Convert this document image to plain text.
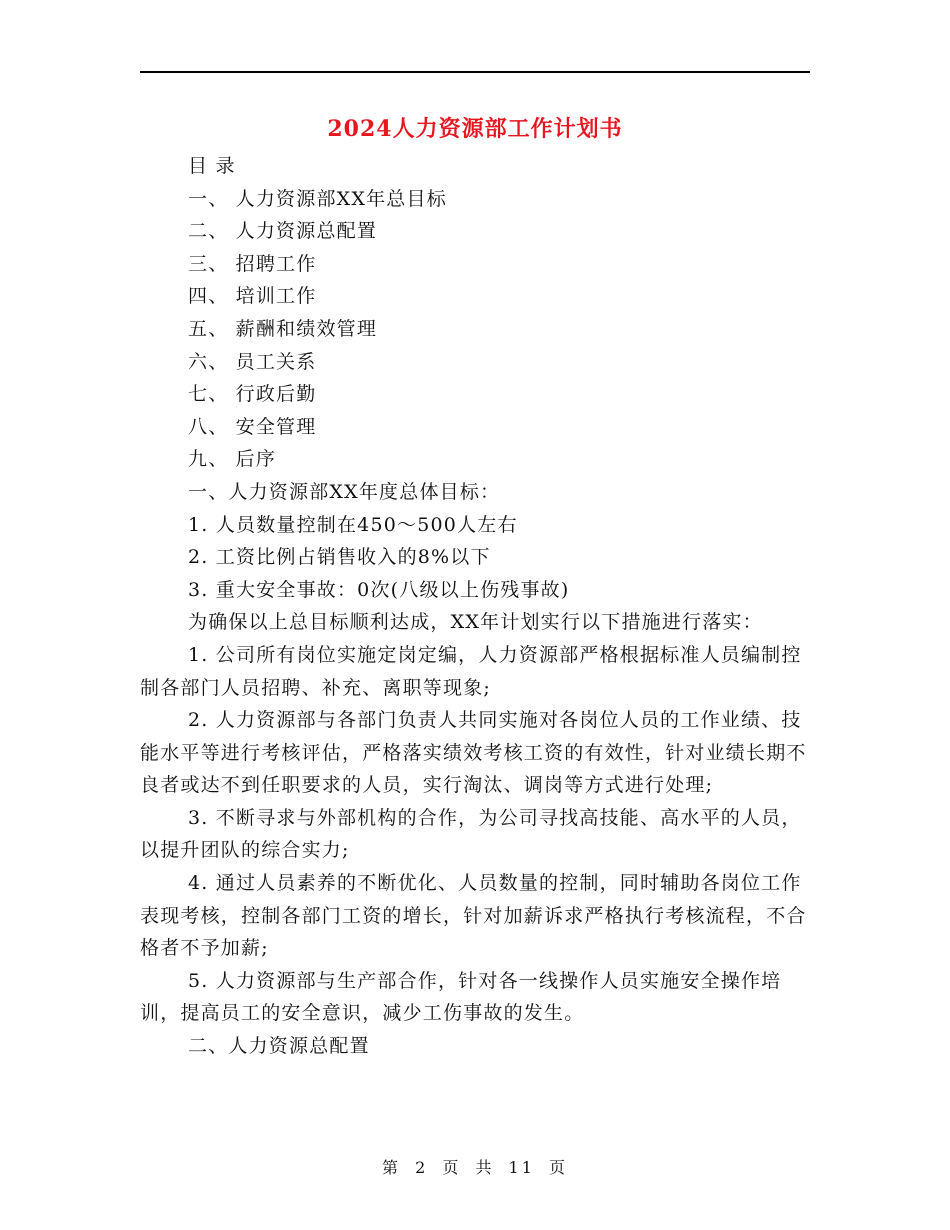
2024人力资源部工作计划书
目 录
一、 人力资源部XX年总目标
二、 人力资源总配置
三、 招聘工作
四、 培训工作
五、 薪酬和绩效管理
六、 员工关系
七、 行政后勤
八、 安全管理
九、 后序
一、人力资源部XX年度总体目标：
1. 人员数量控制在450～500人左右
2. 工资比例占销售收入的8%以下
3. 重大安全事故：0次(八级以上伤残事故)
为确保以上总目标顺利达成，XX年计划实行以下措施进行落实：
1. 公司所有岗位实施定岗定编，人力资源部严格根据标准人员编制控制各部门人员招聘、补充、离职等现象;
2. 人力资源部与各部门负责人共同实施对各岗位人员的工作业绩、技能水平等进行考核评估，严格落实绩效考核工资的有效性，针对业绩长期不良者或达不到任职要求的人员，实行淘汰、调岗等方式进行处理;
3. 不断寻求与外部机构的合作，为公司寻找高技能、高水平的人员，以提升团队的综合实力;
4. 通过人员素养的不断优化、人员数量的控制，同时辅助各岗位工作表现考核，控制各部门工资的增长，针对加薪诉求严格执行考核流程，不合格者不予加薪;
5. 人力资源部与生产部合作，针对各一线操作人员实施安全操作培训，提高员工的安全意识，减少工伤事故的发生。
二、人力资源总配置
第 2 页 共 11 页
